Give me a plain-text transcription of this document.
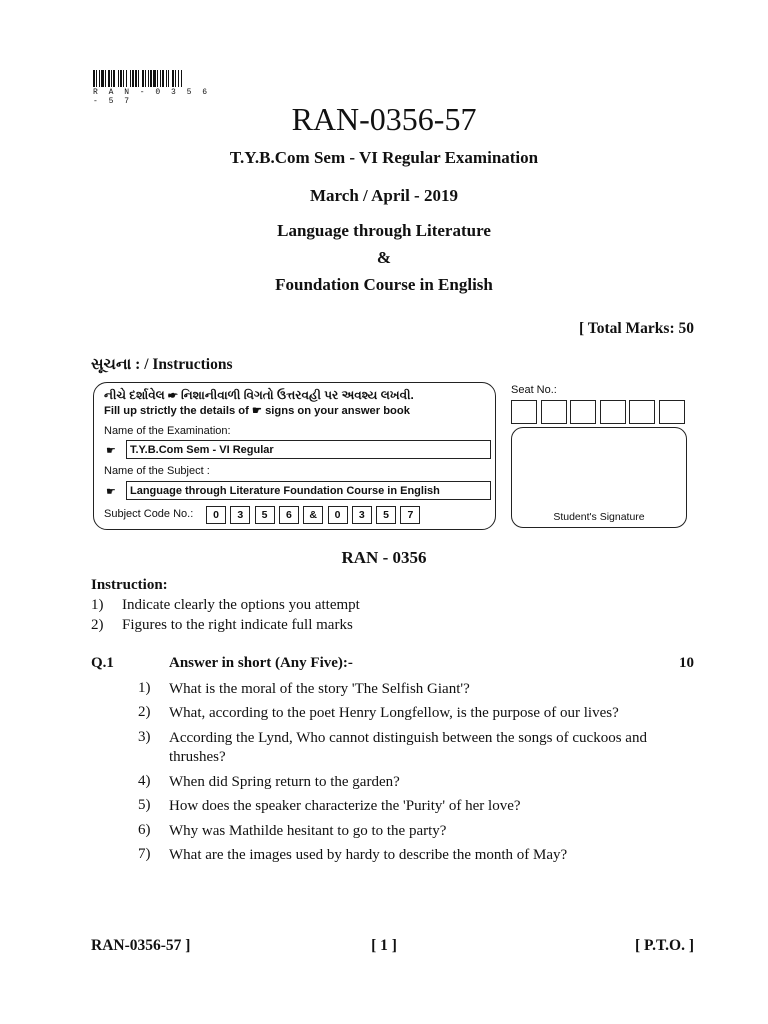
R A N - 0 3 5 6 - 5 7	RAN-0356-57
T.Y.B.Com Sem - VI Regular Examination
March / April - 2019
Language through Literature
&
Foundation Course in English
[ Total Marks: 50
સૂચના : / Instructions
નીચે દર્શાવેલ ☛ નિશાનીવાળી વિગતો ઉત્તરવહી પર અવશ્ય લખવી.
Fill up strictly the details of ☛ signs on your answer book
Name of the Examination:
☛	T.Y.B.Com Sem - VI Regular
Name of the Subject :
☛	Language through Literature Foundation Course in English
Subject Code No.:	0	3	5	6	&	0	3	5	7
Seat No.:
Student's Signature
RAN - 0356
Instruction:
1) Indicate clearly the options you attempt
2) Figures to the right indicate full marks
Q.1	Answer in short (Any Five):-	10
1) What is the moral of the story 'The Selfish Giant'?
2) What, according to the poet Henry Longfellow, is the purpose of our lives?
3) According the Lynd, Who cannot distinguish between the songs of cuckoos and thrushes?
4) When did Spring return to the garden?
5) How does the speaker characterize the 'Purity' of her love?
6) Why was Mathilde hesitant to go to the party?
7) What are the images used by hardy to describe the month of May?
RAN-0356-57 ]	[ 1 ]	[ P.T.O. ]
